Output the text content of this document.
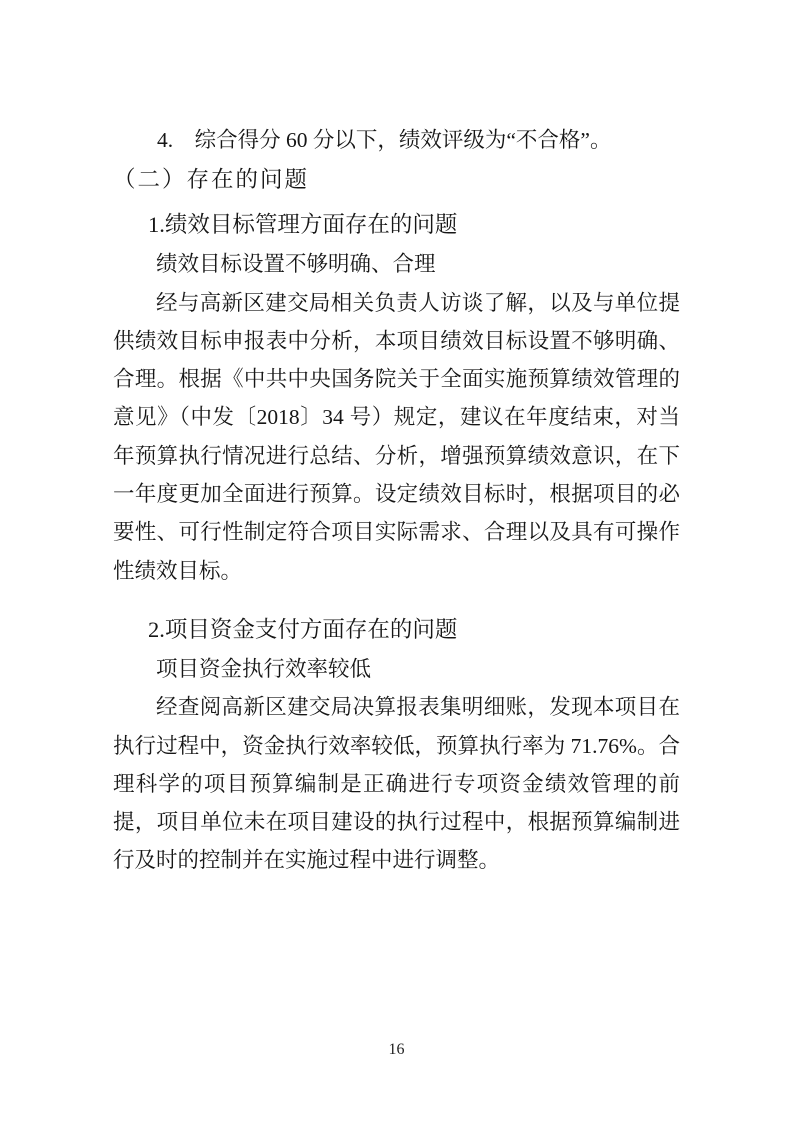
4.　综合得分 60 分以下，绩效评级为“不合格”。

（二）存在的问题
1.绩效目标管理方面存在的问题

绩效目标设置不够明确、合理

经与高新区建交局相关负责人访谈了解，以及与单位提供绩效目标申报表中分析，本项目绩效目标设置不够明确、合理。根据《中共中央国务院关于全面实施预算绩效管理的意见》（中发〔2018〕34 号）规定，建议在年度结束，对当年预算执行情况进行总结、分析，增强预算绩效意识，在下一年度更加全面进行预算。设定绩效目标时，根据项目的必要性、可行性制定符合项目实际需求、合理以及具有可操作性绩效目标。

2.项目资金支付方面存在的问题

项目资金执行效率较低

经查阅高新区建交局决算报表集明细账，发现本项目在执行过程中，资金执行效率较低，预算执行率为 71.76%。合理科学的项目预算编制是正确进行专项资金绩效管理的前提，项目单位未在项目建设的执行过程中，根据预算编制进行及时的控制并在实施过程中进行调整。

16
